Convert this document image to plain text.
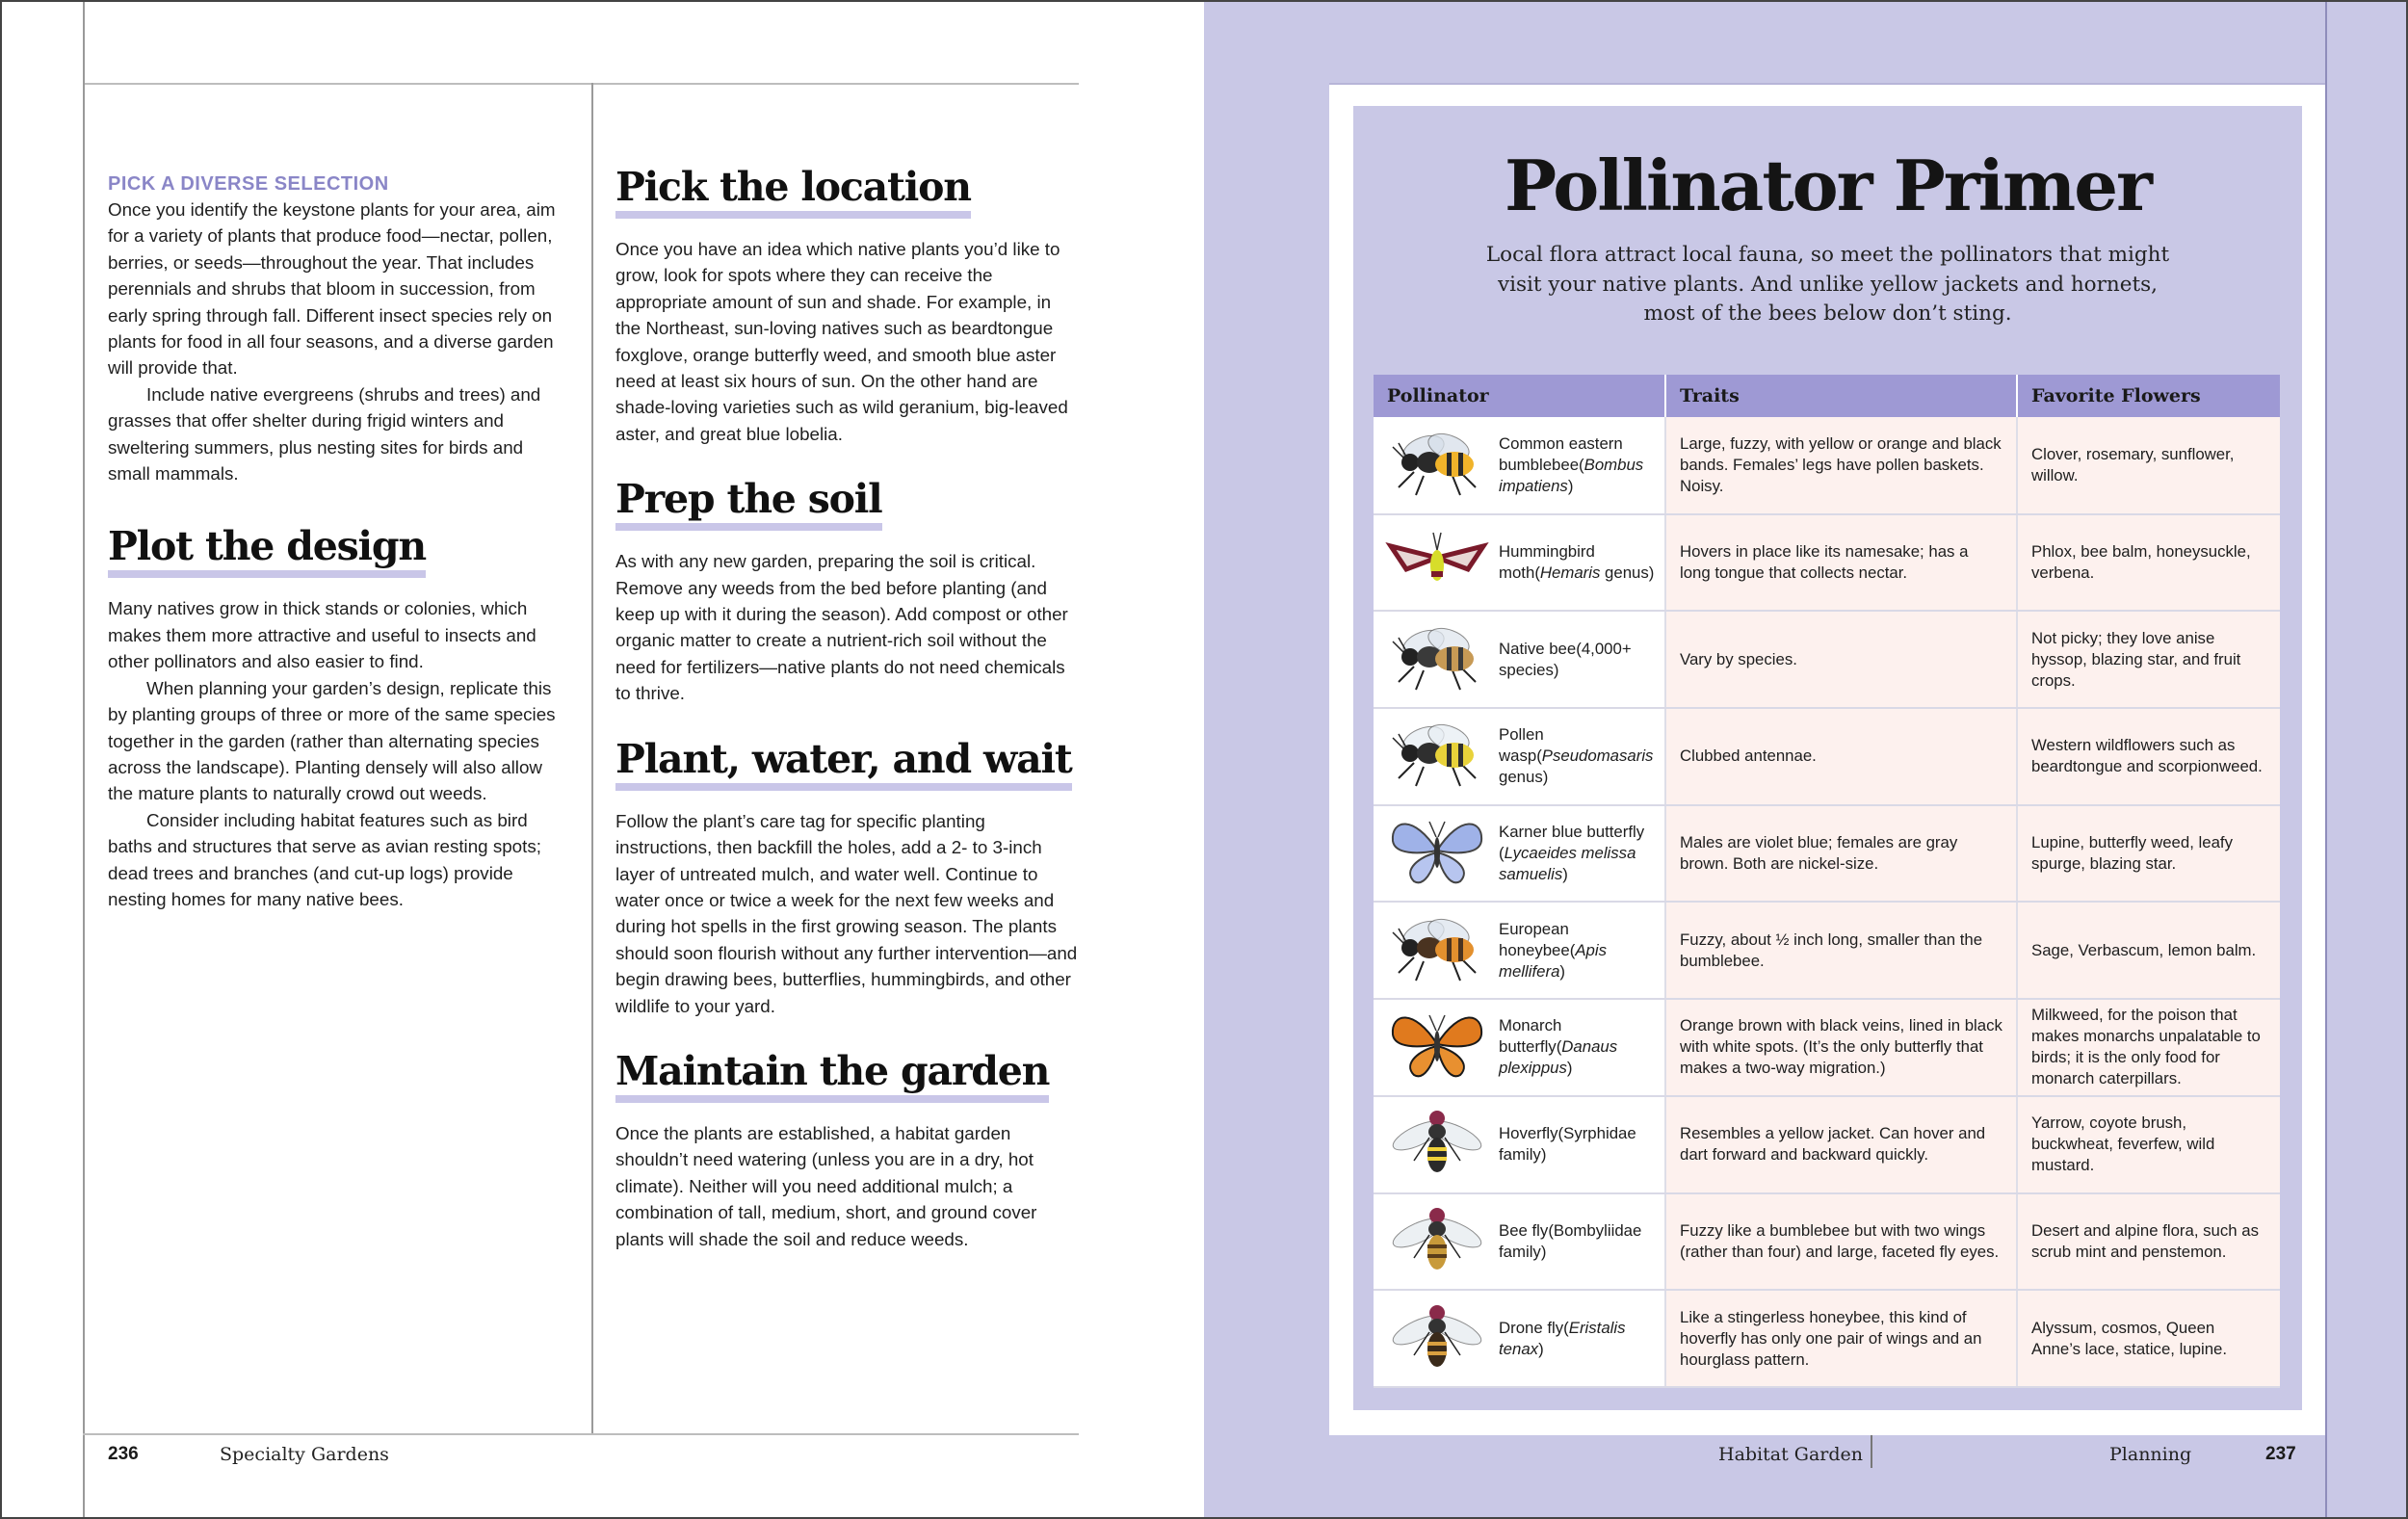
PICK A DIVERSE SELECTION

Once you identify the keystone plants for your area, aim for a variety of plants that produce food—nectar, pollen, berries, or seeds—throughout the year. That includes perennials and shrubs that bloom in succession, from early spring through fall. Different insect species rely on plants for food in all four seasons, and a diverse garden will provide that.

Include native evergreens (shrubs and trees) and grasses that offer shelter during frigid winters and sweltering summers, plus nesting sites for birds and small mammals.

Plot the design

Many natives grow in thick stands or colonies, which makes them more attractive and useful to insects and other pollinators and also easier to find.

When planning your garden’s design, replicate this by planting groups of three or more of the same species together in the garden (rather than alternating species across the landscape). Planting densely will also allow the mature plants to naturally crowd out weeds.

Consider including habitat features such as bird baths and structures that serve as avian resting spots; dead trees and branches (and cut-up logs) provide nesting homes for many native bees.

Pick the location

Once you have an idea which native plants you’d like to grow, look for spots where they can receive the appropriate amount of sun and shade. For example, in the Northeast, sun-loving natives such as beardtongue foxglove, orange butterfly weed, and smooth blue aster need at least six hours of sun. On the other hand are shade-loving varieties such as wild geranium, big-leaved aster, and great blue lobelia.

Prep the soil

As with any new garden, preparing the soil is critical. Remove any weeds from the bed before planting (and keep up with it during the season). Add compost or other organic matter to create a nutrient-rich soil without the need for fertilizers—native plants do not need chemicals to thrive.

Plant, water, and wait

Follow the plant’s care tag for specific planting instructions, then backfill the holes, add a 2- to 3-inch layer of untreated mulch, and water well. Continue to water once or twice a week for the next few weeks and during hot spells in the first growing season. The plants should soon flourish without any further intervention—and begin drawing bees, butterflies, hummingbirds, and other wildlife to your yard.

Maintain the garden

Once the plants are established, a habitat garden shouldn’t need watering (unless you are in a dry, hot climate). Neither will you need additional mulch; a combination of tall, medium, short, and ground cover plants will shade the soil and reduce weeds.

236	Specialty Gardens
Pollinator Primer

Local flora attract local fauna, so meet the pollinators that might visit your native plants. And unlike yellow jackets and hornets, most of the bees below don’t sting.

Pollinator	Traits	Favorite Flowers

Common eastern bumblebee(Bombus impatiens)	Large, fuzzy, with yellow or orange and black bands. Females’ legs have pollen baskets. Noisy.	Clover, rosemary, sunflower, willow.

Hummingbird moth(Hemaris genus)	Hovers in place like its namesake; has a long tongue that collects nectar.	Phlox, bee balm, honeysuckle, verbena.

Native bee(4,000+ species)	Vary by species.	Not picky; they love anise hyssop, blazing star, and fruit crops.

Pollen wasp(Pseudomasaris genus)	Clubbed antennae.	Western wildflowers such as beardtongue and scorpionweed.

Karner blue butterfly (Lycaeides melissa samuelis)	Males are violet blue; females are gray brown. Both are nickel-size.	Lupine, butterfly weed, leafy spurge, blazing star.

European honeybee(Apis mellifera)	Fuzzy, about ½ inch long, smaller than the bumblebee.	Sage, Verbascum, lemon balm.

Monarch butterfly(Danaus plexippus)	Orange brown with black veins, lined in black with white spots. (It’s the only butterfly that makes a two-way migration.)	Milkweed, for the poison that makes monarchs unpalatable to birds; it is the only food for monarch caterpillars.

Hoverfly(Syrphidae family)	Resembles a yellow jacket. Can hover and dart forward and backward quickly.	Yarrow, coyote brush, buckwheat, feverfew, wild mustard.

Bee fly(Bombyliidae family)	Fuzzy like a bumblebee but with two wings (rather than four) and large, faceted fly eyes.	Desert and alpine flora, such as scrub mint and penstemon.

Drone fly(Eristalis tenax)	Like a stingerless honeybee, this kind of hoverfly has only one pair of wings and an hourglass pattern.	Alyssum, cosmos, Queen Anne’s lace, statice, lupine.
Habitat Garden	Planning	237
